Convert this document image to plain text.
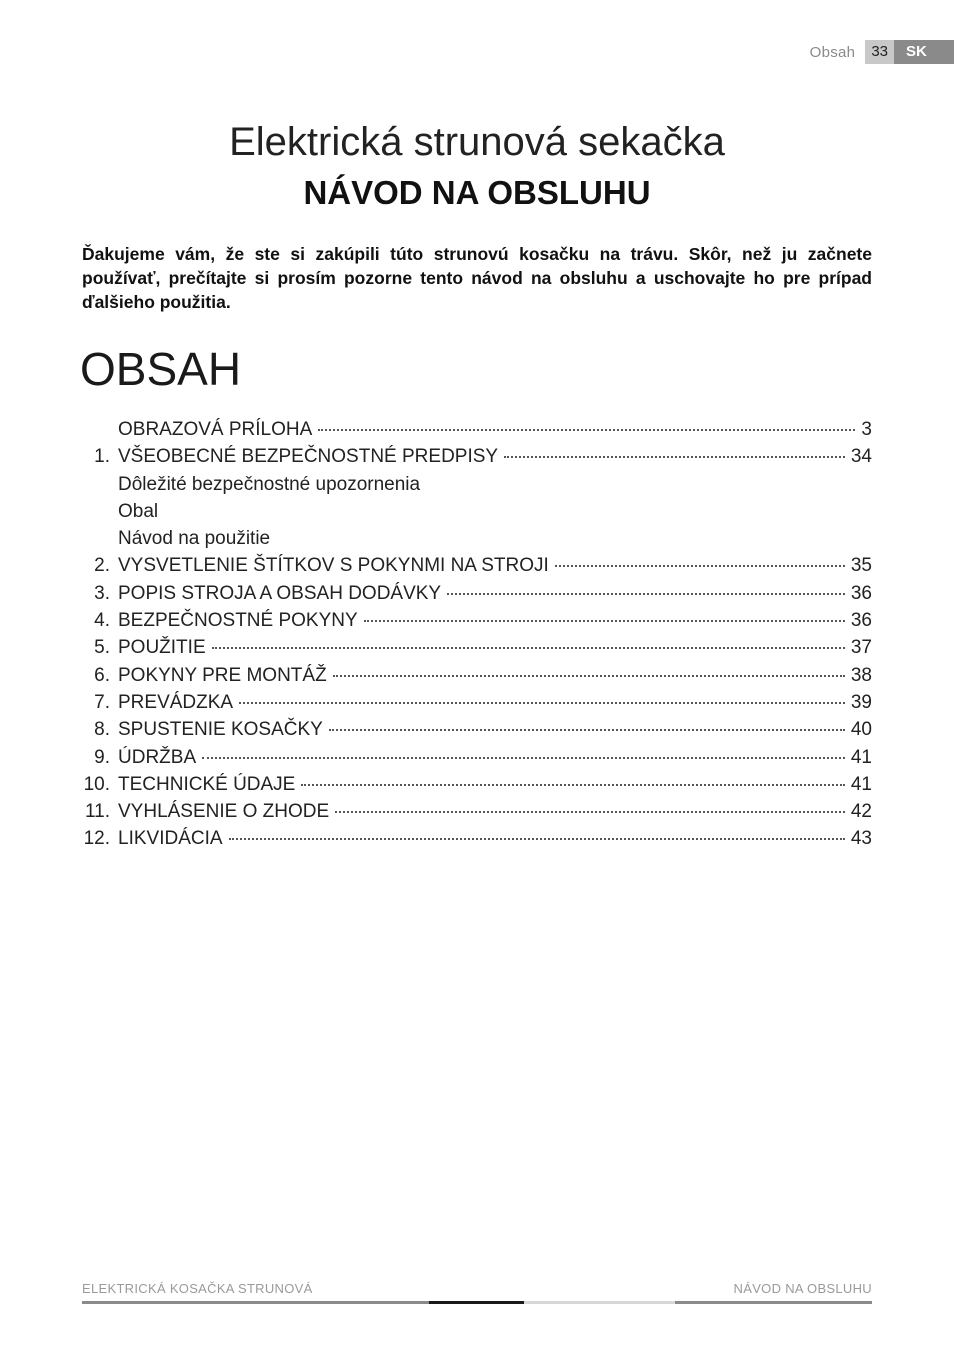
Obsah	33	SK
Elektrická strunová sekačka
NÁVOD NA OBSLUHU
Ďakujeme vám, že ste si zakúpili túto strunovú kosačku na trávu. Skôr, než ju začnete používať, prečítajte si prosím pozorne tento návod na obsluhu a uschovajte ho pre prípad ďalšieho použitia.
OBSAH
OBRAZOVÁ PRÍLOHA	3
1. VŠEOBECNÉ BEZPEČNOSTNÉ PREDPISY	34
Dôležité bezpečnostné upozornenia
Obal
Návod na použitie
2. VYSVETLENIE ŠTÍTKOV S POKYNMI NA STROJI	35
3. POPIS STROJA A OBSAH DODÁVKY	36
4. BEZPEČNOSTNÉ POKYNY	36
5. POUŽITIE	37
6. POKYNY PRE MONTÁŽ	38
7. PREVÁDZKA	39
8. SPUSTENIE KOSAČKY	40
9. ÚDRŽBA	41
10. TECHNICKÉ ÚDAJE	41
11. VYHLÁSENIE O ZHODE	42
12. LIKVIDÁCIA	43
ELEKTRICKÁ KOSAČKA STRUNOVÁ	NÁVOD NA OBSLUHU
